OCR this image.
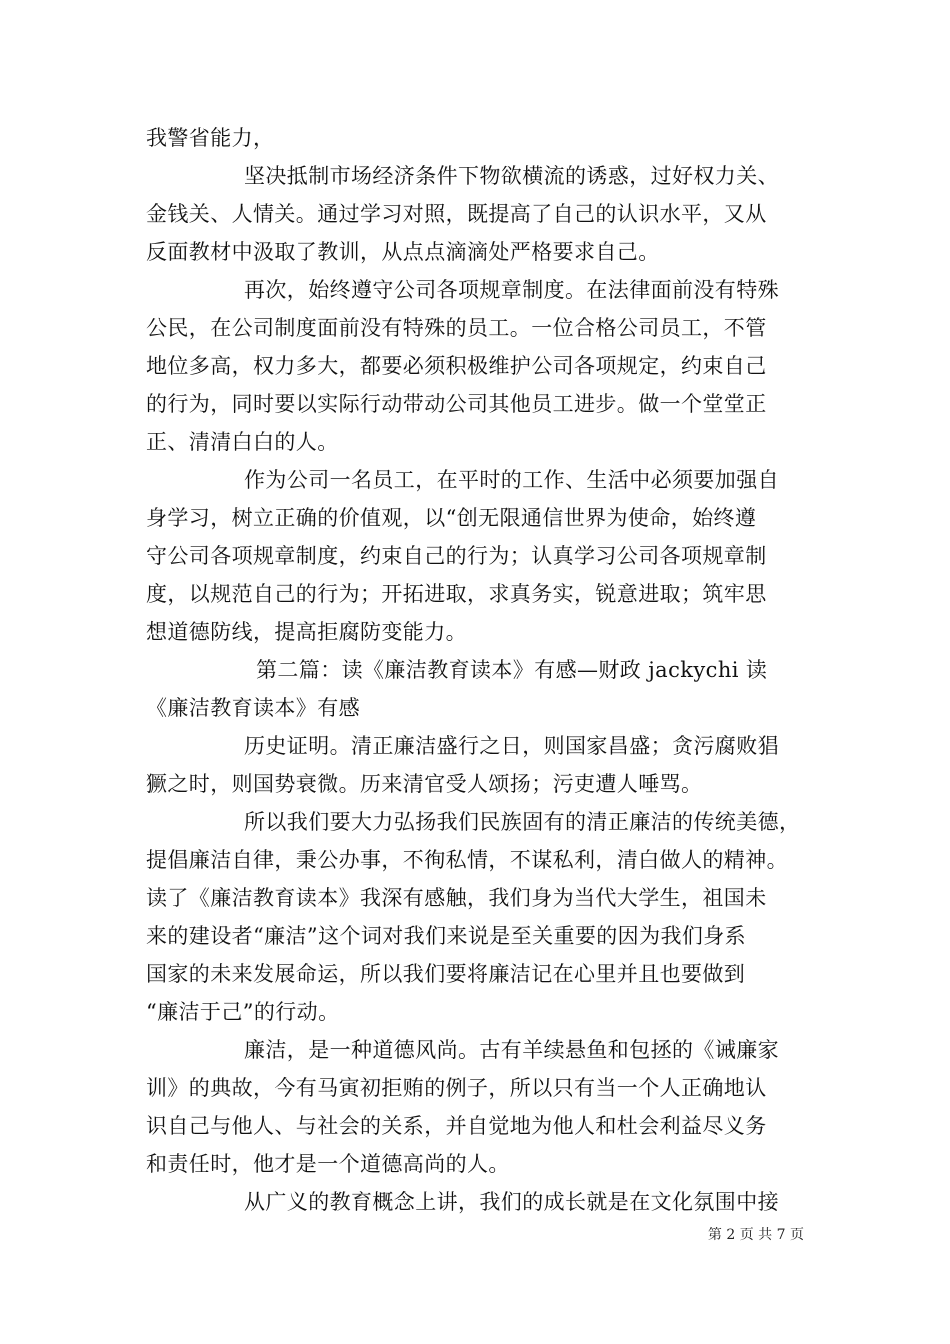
我警省能力，
坚决抵制市场经济条件下物欲横流的诱惑，过好权力关、
金钱关、人情关。通过学习对照，既提高了自己的认识水平，又从
反面教材中汲取了教训，从点点滴滴处严格要求自己。
再次，始终遵守公司各项规章制度。在法律面前没有特殊
公民，在公司制度面前没有特殊的员工。一位合格公司员工，不管
地位多高，权力多大，都要必须积极维护公司各项规定，约束自己
的行为，同时要以实际行动带动公司其他员工进步。做一个堂堂正
正、清清白白的人。
作为公司一名员工，在平时的工作、生活中必须要加强自
身学习，树立正确的价值观，以“创无限通信世界为使命，始终遵
守公司各项规章制度，约束自己的行为；认真学习公司各项规章制
度，以规范自己的行为；开拓进取，求真务实，锐意进取；筑牢思
想道德防线，提高拒腐防变能力。
第二篇：读《廉洁教育读本》有感—财政 jackychi 读
《廉洁教育读本》有感
历史证明。清正廉洁盛行之日，则国家昌盛；贪污腐败猖
獗之时，则国势衰微。历来清官受人颂扬；污吏遭人唾骂。
所以我们要大力弘扬我们民族固有的清正廉洁的传统美德，
提倡廉洁自律，秉公办事，不徇私情，不谋私利，清白做人的精神。
读了《廉洁教育读本》我深有感触，我们身为当代大学生，祖国未
来的建设者“廉洁”这个词对我们来说是至关重要的因为我们身系
国家的未来发展命运，所以我们要将廉洁记在心里并且也要做到
“廉洁于己”的行动。
廉洁，是一种道德风尚。古有羊续悬鱼和包拯的《诫廉家
训》的典故，今有马寅初拒贿的例子，所以只有当一个人正确地认
识自己与他人、与社会的关系，并自觉地为他人和杜会利益尽义务
和责任时，他才是一个道德高尚的人。
从广义的教育概念上讲，我们的成长就是在文化氛围中接
第 2 页 共 7 页
